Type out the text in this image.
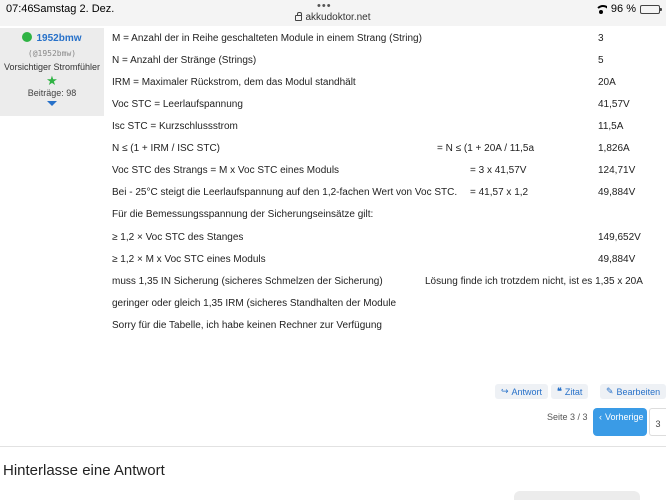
07:46 Samstag 2. Dez.	•••
akkudoktor.net
96 %
1952bmw
(@1952bmw)
Vorsichtiger Stromfühler
★
Beiträge: 98
M = Anzahl der in Reihe geschalteten Module in einem Strang (String)	3
N = Anzahl der Stränge (Strings)	5
IRM = Maximaler Rückstrom, dem das Modul standhält	20A
Voc STC = Leerlaufspannung	41,57V
Isc STC = Kurzschlussstrom	11,5A
N ≤ (1 + IRM / ISC STC)	= N ≤ (1 + 20A / 11,5a	1,826A
Voc STC des Strangs = M x Voc STC eines Moduls	= 3 x 41,57V	124,71V
Bei - 25°C steigt die Leerlaufspannung auf den 1,2-fachen Wert von Voc STC. = 41,57 x 1,2	49,884V
Für die Bemessungsspannung der Sicherungseinsätze gilt:
≥ 1,2 × Voc STC des Stanges	149,652V
≥ 1,2 × M x Voc STC eines Moduls	49,884V
muss 1,35 IN Sicherung (sicheres Schmelzen der Sicherung)	Lösung finde ich trotzdem nicht, ist es 1,35 x 20A
geringer oder gleich 1,35 IRM (sicheres Standhalten der Module
Sorry für die Tabelle, ich habe keinen Rechner zur Verfügung
↪ Antwort ❝ Zitat	✎ Bearbeiten
Seite 3 / 3 ‹ Vorherige
3
Hinterlasse eine Antwort
